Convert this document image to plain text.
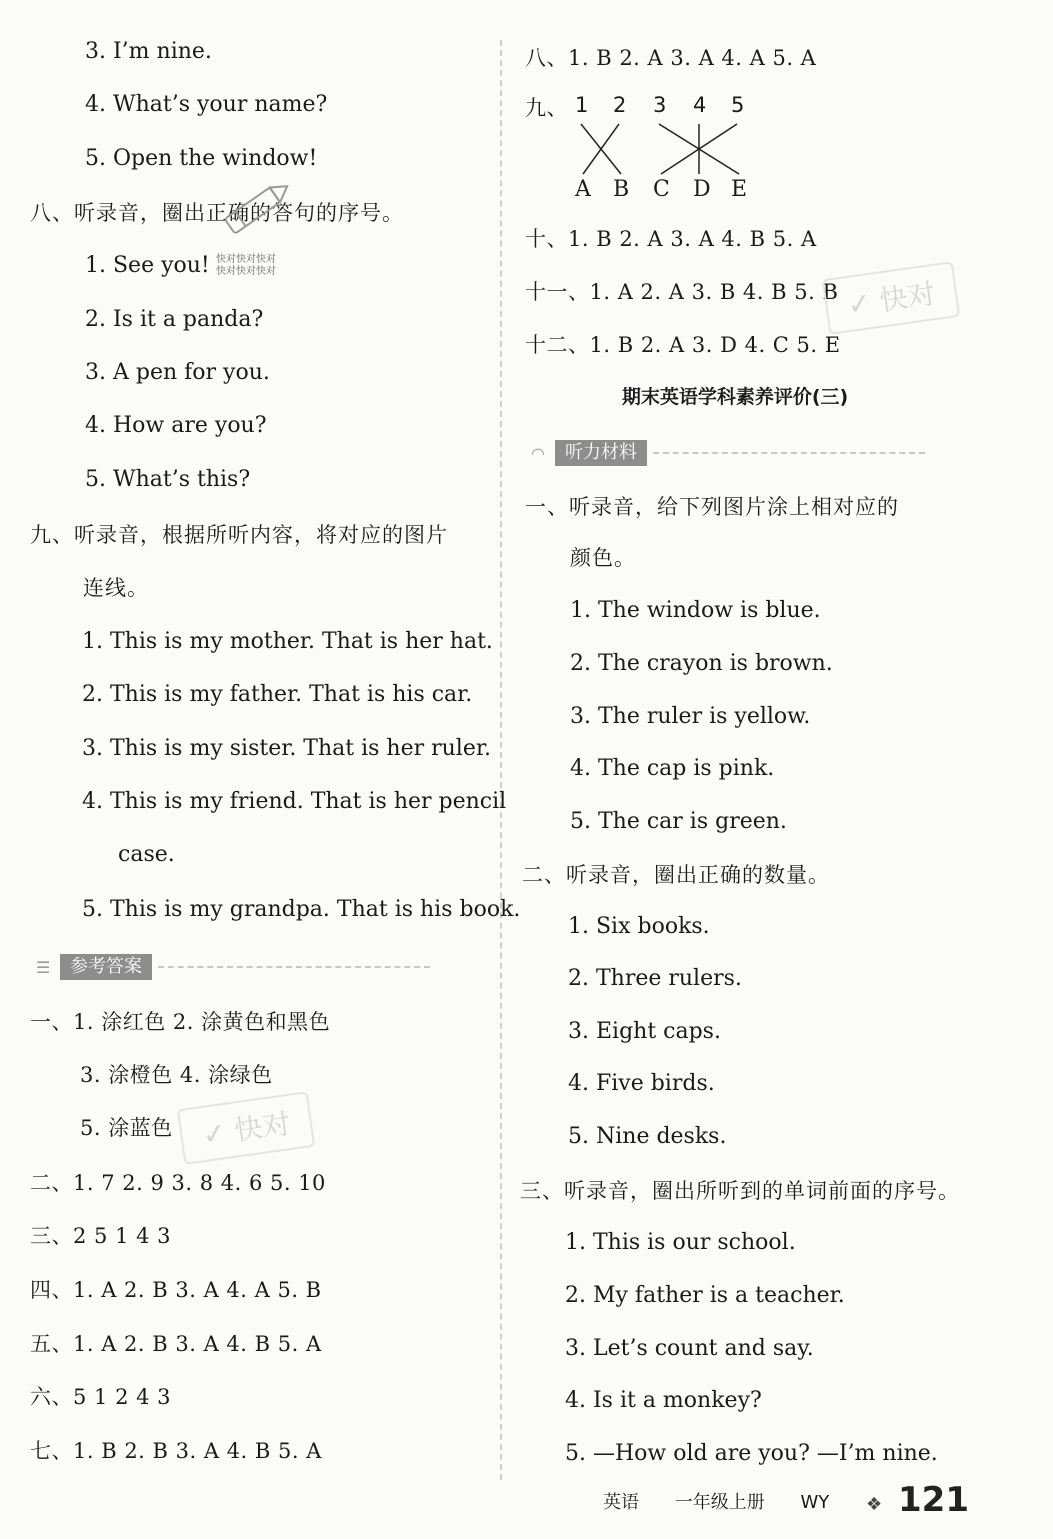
3. I’m nine.
4. What’s your name?
5. Open the window!
八、听录音，圈出正确的答句的序号。
1. See you! 快对快对快对
快对快对快对
2. Is it a panda?
3. A pen for you.
4. How are you?
5. What’s this?
九、听录音，根据所听内容，将对应的图片
连线。
1. This is my mother. That is her hat.
2. This is my father. That is his car.
3. This is my sister. That is her ruler.
4. This is my friend. That is her pencil
case.
5. This is my grandpa. That is his book.
☰	参考答案
一、1. 涂红色 2. 涂黄色和黑色
3. 涂橙色 4. 涂绿色
5. 涂蓝色
二、1. 7 2. 9 3. 8 4. 6 5. 10
三、2 5 1 4 3
四、1. A 2. B 3. A 4. A 5. B
五、1. A 2. B 3. A 4. B 5. A
六、5 1 2 4 3
七、1. B 2. B 3. A 4. B 5. A
✓ 快对
八、1. B 2. A 3. A 4. A 5. A
九、 1 2 3 4 5
A B C D E
十、1. B 2. A 3. A 4. B 5. A
十一、1. A 2. A 3. B 4. B 5. B
十二、1. B 2. A 3. D 4. C 5. E
✓ 快对
期末英语学科素养评价(三)
◠	听力材料
一、听录音，给下列图片涂上相对应的
颜色。
1. The window is blue.
2. The crayon is brown.
3. The ruler is yellow.
4. The cap is pink.
5. The car is green.
二、听录音，圈出正确的数量。
1. Six books.
2. Three rulers.
3. Eight caps.
4. Five birds.
5. Nine desks.
三、听录音，圈出所听到的单词前面的序号。
1. This is our school.
2. My father is a teacher.
3. Let’s count and say.
4. Is it a monkey?
5. —How old are you? —I’m nine.
英语 一年级上册 WY	❖ 121
